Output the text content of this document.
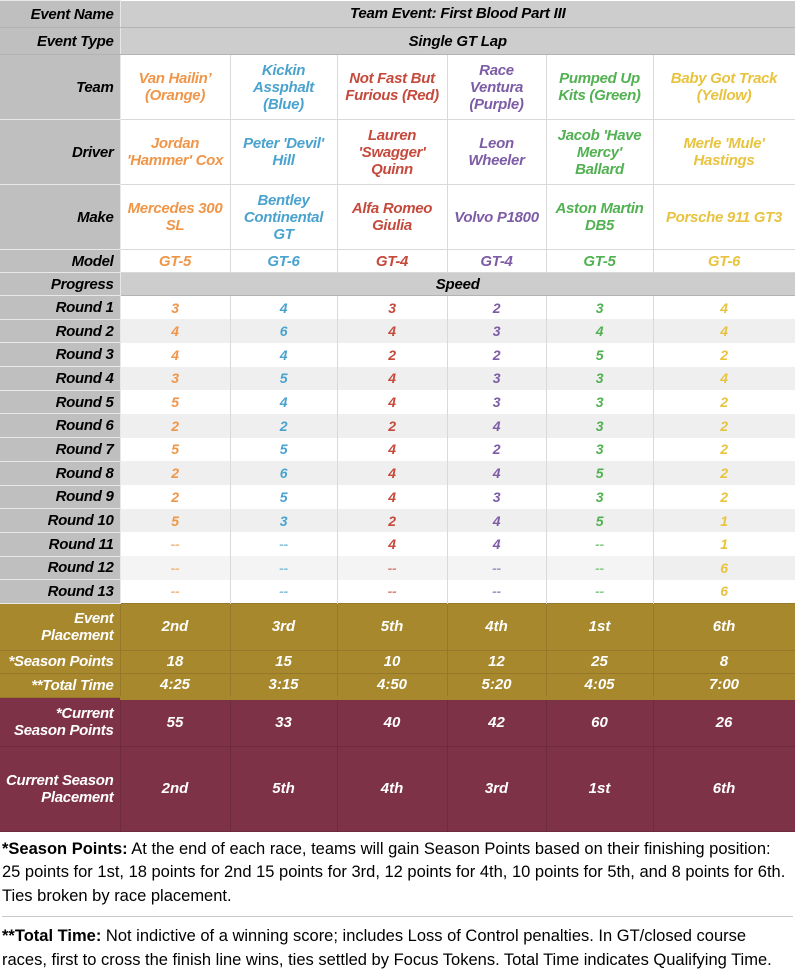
Event Name	Team Event: First Blood Part III					
Event Type	Single GT Lap					
Team	Van Hailin’ (Orange)	Kickin Assphalt (Blue)	Not Fast But Furious (Red)	Race Ventura (Purple)	Pumped Up Kits (Green)	Baby Got Track (Yellow)
Driver	Jordan 'Hammer' Cox	Peter 'Devil' Hill	Lauren 'Swagger' Quinn	Leon Wheeler	Jacob 'Have Mercy' Ballard	Merle 'Mule' Hastings
Make	Mercedes 300 SL	Bentley Continental GT	Alfa Romeo Giulia	Volvo P1800	Aston Martin DB5	Porsche 911 GT3
Model	GT-5	GT-6	GT-4	GT-4	GT-5	GT-6
Progress	Speed					
Round 1	3	4	3	2	3	4
Round 2	4	6	4	3	4	4
Round 3	4	4	2	2	5	2
Round 4	3	5	4	3	3	4
Round 5	5	4	4	3	3	2
Round 6	2	2	2	4	3	2
Round 7	5	5	4	2	3	2
Round 8	2	6	4	4	5	2
Round 9	2	5	4	3	3	2
Round 10	5	3	2	4	5	1
Round 11	--	--	4	4	--	1
Round 12	--	--	--	--	--	6
Round 13	--	--	--	--	--	6
Event Placement	2nd	3rd	5th	4th	1st	6th
*Season Points	18	15	10	12	25	8
**Total Time	4:25	3:15	4:50	5:20	4:05	7:00
*Current Season Points	55	33	40	42	60	26
Current Season Placement	2nd	5th	4th	3rd	1st	6th

*Season Points: At the end of each race, teams will gain Season Points based on their finishing position: 25 points for 1st, 18 points for 2nd 15 points for 3rd, 12 points for 4th, 10 points for 5th, and 8 points for 6th. Ties broken by race placement.

**Total Time: Not indictive of a winning score; includes Loss of Control penalties. In GT/closed course races, first to cross the finish line wins, ties settled by Focus Tokens. Total Time indicates Qualifying Time.
